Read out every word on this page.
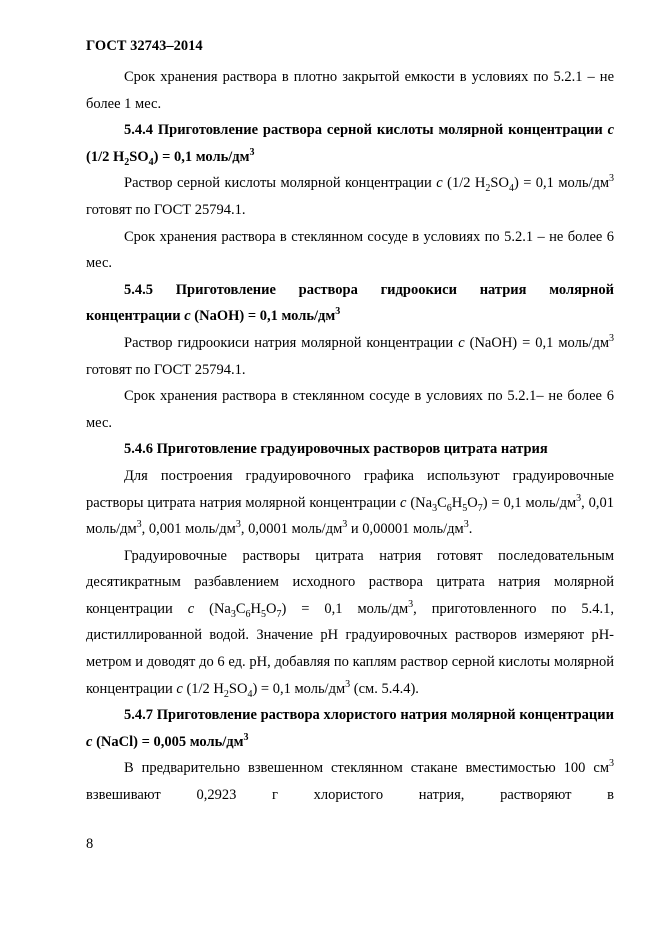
ГОСТ 32743–2014

Срок хранения раствора в плотно закрытой емкости в условиях по 5.2.1 – не более 1 мес.

5.4.4 Приготовление раствора серной кислоты молярной концентрации c (1/2 $H_2SO_4) = 0,1$ моль/$дм^3$

Раствор серной кислоты молярной концентрации c (1/2 $H_2SO_4) = 0,1$ моль/$дм^3$ готовят по ГОСТ 25794.1.

Срок хранения раствора в стеклянном сосуде в условиях по 5.2.1 – не более 6 мес.

5.4.5 Приготовление раствора гидроокиси натрия молярной концентрации c (NaOH) = 0,1 моль/$дм^3$

Раствор гидроокиси натрия молярной концентрации c (NaOH) = 0,1 моль/$дм^3$ готовят по ГОСТ 25794.1.

Срок хранения раствора в стеклянном сосуде в условиях по 5.2.1– не более 6 мес.

5.4.6 Приготовление градуировочных растворов цитрата натрия

Для построения градуировочного графика используют градуировочные растворы цитрата натрия молярной концентрации c $(Na_3C_6H_5O_7) = 0,1$ моль/$дм^3$, 0,01 моль/$дм^3$, 0,001 моль/$дм^3$, 0,0001 моль/$дм^3$ и 0,00001 моль/$дм^3$.

Градуировочные растворы цитрата натрия готовят последовательным десятикратным разбавлением исходного раствора цитрата натрия молярной концентрации c $(Na_3C_6H_5O_7) = 0,1$ моль/$дм^3$, приготовленного по 5.4.1, дистиллированной водой. Значение pH градуировочных растворов измеряют pH-метром и доводят до 6 ед. pH, добавляя по каплям раствор серной кислоты молярной концентрации c (1/2 $H_2SO_4) = 0,1$ моль/$дм^3$ (см. 5.4.4).

5.4.7 Приготовление раствора хлористого натрия молярной концентрации c (NaCl) = 0,005 моль/$дм^3$

В предварительно взвешенном стеклянном стакане вместимостью 100 $см^3$ взвешивают 0,2923 г хлористого натрия, растворяют в

8
